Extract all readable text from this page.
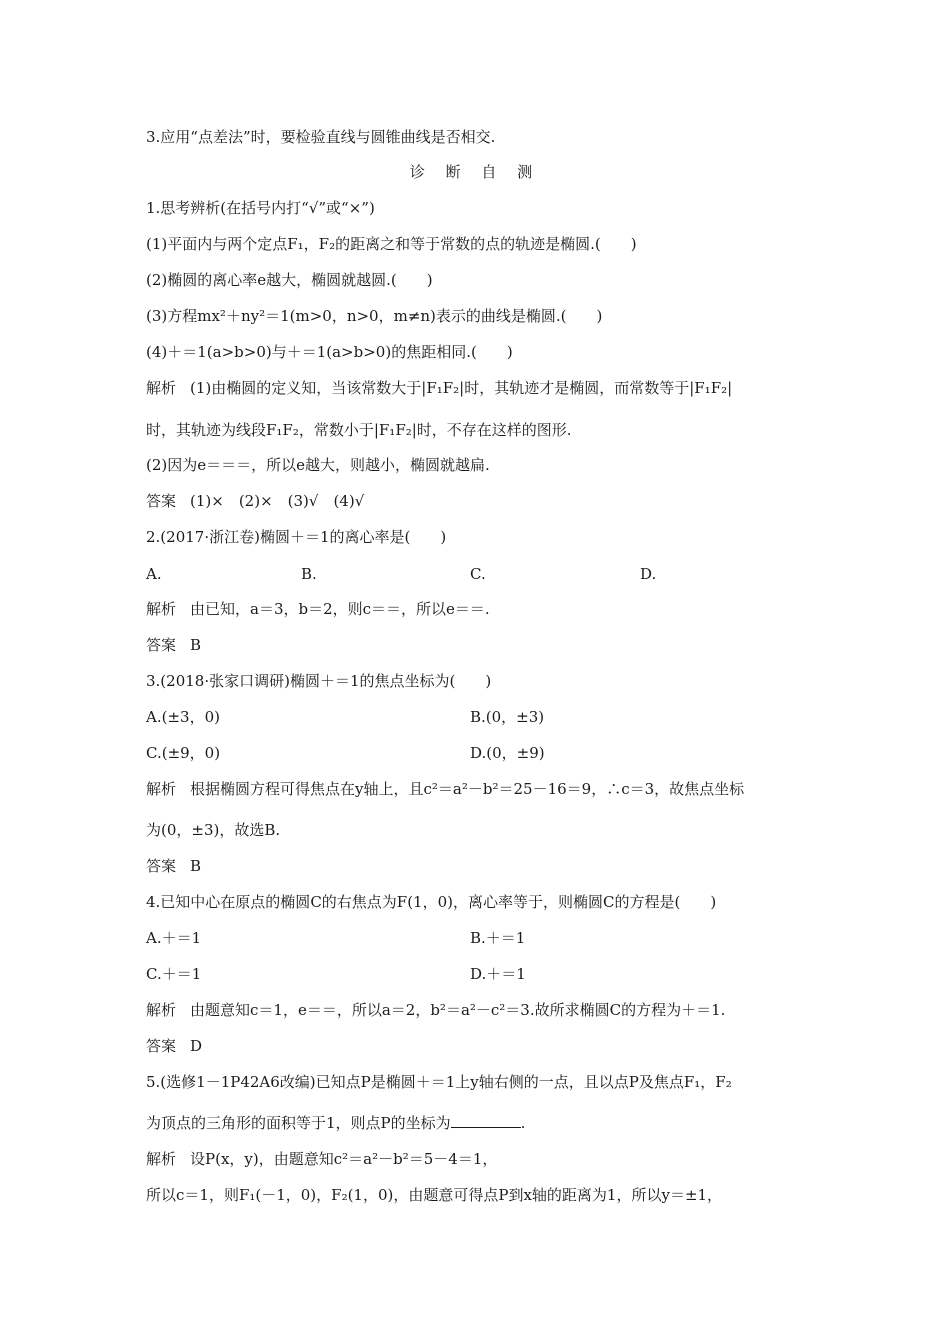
3.应用“点差法”时，要检验直线与圆锥曲线是否相交.
诊 断 自 测
1.思考辨析(在括号内打“√”或“×”)
(1)平面内与两个定点F₁，F₂的距离之和等于常数的点的轨迹是椭圆.(　　)
(2)椭圆的离心率e越大，椭圆就越圆.(　　)
(3)方程mx²＋ny²＝1(m>0，n>0，m≠n)表示的曲线是椭圆.(　　)
(4)＋＝1(a>b>0)与＋＝1(a>b>0)的焦距相同.(　　)
解析 (1)由椭圆的定义知，当该常数大于|F₁F₂|时，其轨迹才是椭圆，而常数等于|F₁F₂|
时，其轨迹为线段F₁F₂，常数小于|F₁F₂|时，不存在这样的图形.
(2)因为e＝＝＝，所以e越大，则越小，椭圆就越扁.
答案 (1)×　(2)×　(3)√　(4)√
2.(2017·浙江卷)椭圆＋＝1的离心率是(　　)
A.	B.	C.	D.
解析 由已知，a＝3，b＝2，则c＝＝，所以e＝＝.
答案 B
3.(2018·张家口调研)椭圆＋＝1的焦点坐标为(　　)
A.(±3，0)	B.(0，±3)
C.(±9，0)	D.(0，±9)
解析 根据椭圆方程可得焦点在y轴上，且c²＝a²－b²＝25－16＝9，∴c＝3，故焦点坐标
为(0，±3)，故选B.
答案 B
4.已知中心在原点的椭圆C的右焦点为F(1，0)，离心率等于，则椭圆C的方程是(　　)
A.＋＝1	B.＋＝1
C.＋＝1	D.＋＝1
解析 由题意知c＝1，e＝＝，所以a＝2，b²＝a²－c²＝3.故所求椭圆C的方程为＋＝1.
答案 D
5.(选修1－1P42A6改编)已知点P是椭圆＋＝1上y轴右侧的一点，且以点P及焦点F₁，F₂
为顶点的三角形的面积等于1，则点P的坐标为	.
解析 设P(x，y)，由题意知c²＝a²－b²＝5－4＝1，
所以c＝1，则F₁(－1，0)，F₂(1，0)，由题意可得点P到x轴的距离为1，所以y＝±1，
